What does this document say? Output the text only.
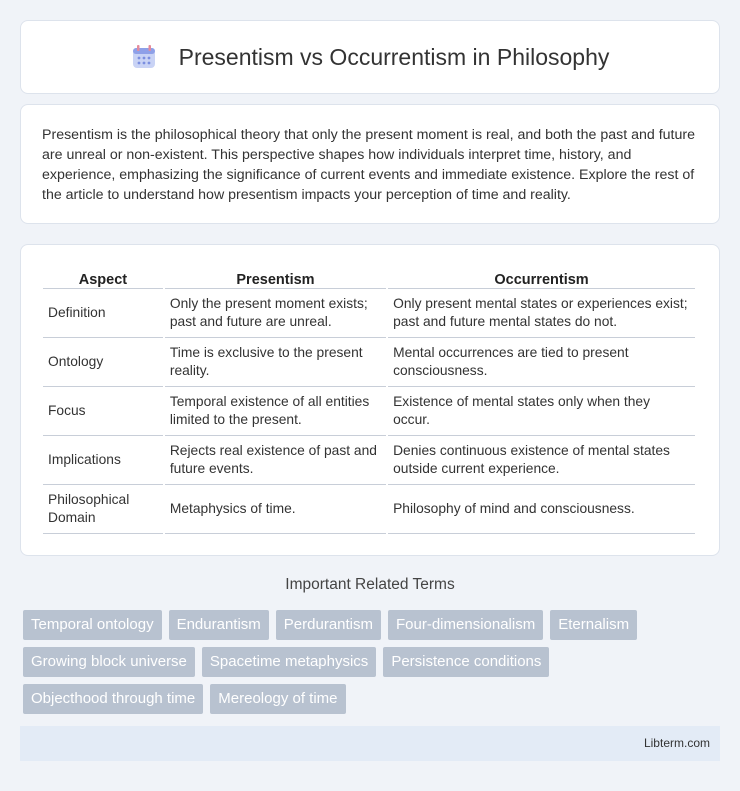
Presentism vs Occurrentism in Philosophy

Presentism is the philosophical theory that only the present moment is real, and both the past and future are unreal or non-existent. This perspective shapes how individuals interpret time, history, and experience, emphasizing the significance of current events and immediate existence. Explore the rest of the article to understand how presentism impacts your perception of time and reality.

Aspect	Presentism	Occurrentism
Definition	Only the present moment exists; past and future are unreal.	Only present mental states or experiences exist; past and future mental states do not.
Ontology	Time is exclusive to the present reality.	Mental occurrences are tied to present consciousness.
Focus	Temporal existence of all entities limited to the present.	Existence of mental states only when they occur.
Implications	Rejects real existence of past and future events.	Denies continuous existence of mental states outside current experience.
Philosophical Domain	Metaphysics of time.	Philosophy of mind and consciousness.
Important Related Terms
Temporal ontology	Endurantism	Perdurantism	Four-dimensionalism	Eternalism
Growing block universe	Spacetime metaphysics	Persistence conditions
Objecthood through time	Mereology of time
Libterm.com
